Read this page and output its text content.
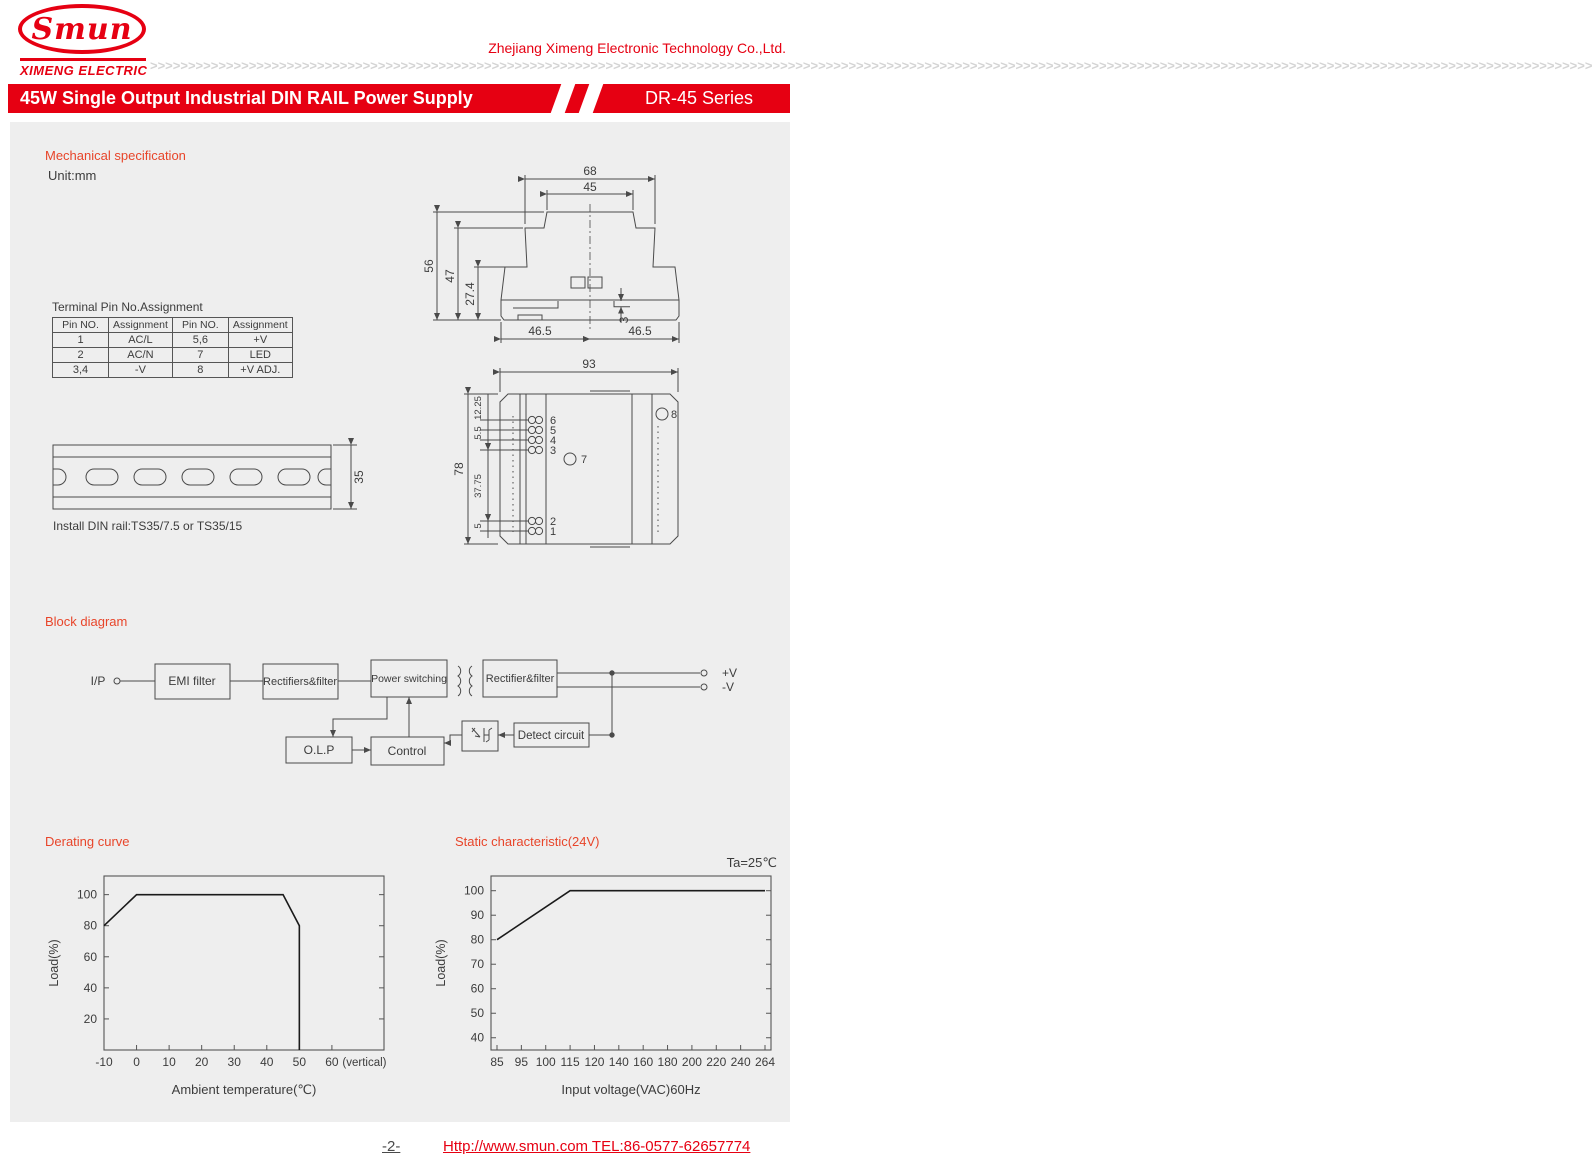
Smun
XIMENG ELECTRIC
Zhejiang Ximeng Electronic Technology Co.,Ltd.
>>>>>>>>>>>>>>>>>>>>>>>>>>>>>>>>>>>>>>>>>>>>>>>>>>>>>>>>>>>>>>>>>>>>>>>>>>>>>>>>>>>>>>>>>>>>>>>>>>>>>>>>>>>>>>>>>>>>>>>>>>>>>>>>>>>>>>>>>>>>>>>>>>>>>>>>>>>>>>>>>>>>>>>>>>>>>>>>>>>>>>>>>>>>>>
45W Single Output Industrial DIN RAIL Power Supply	DR-45 Series
Mechanical specification
Unit:mm	68
45
56
47
27.4
46.5	46.5
3
Terminal Pin No.Assignment
Pin NO.	Assignment	Pin NO.	Assignment
1	AC/L	5,6	+V
2	AC/N	7	LED
3,4	-V	8	+V ADJ.
35
Install DIN rail:TS35/7.5 or TS35/15
93
78
12.25
5.5
37.75
5
6
5
4
3
2
1
7
8
Block diagram
I/P	EMI filter	Rectifiers&filter	Power switching	Rectifier&filter
O.L.P	Control
Detect circuit
+V
-V
Derating curve	Static characteristic(24V)
-10 0 10 20 30 40 50 60
20
40
60
80
100
(vertical)
Load(%)
Ambient temperature(℃)
85 95 100 115 120 140 160 180 200 220 240 264
40
50
60
70
80
90
100
Ta=25℃
Load(%)
Input voltage(VAC)60Hz
-2-	Http://www.smun.com TEL:86-0577-62657774
